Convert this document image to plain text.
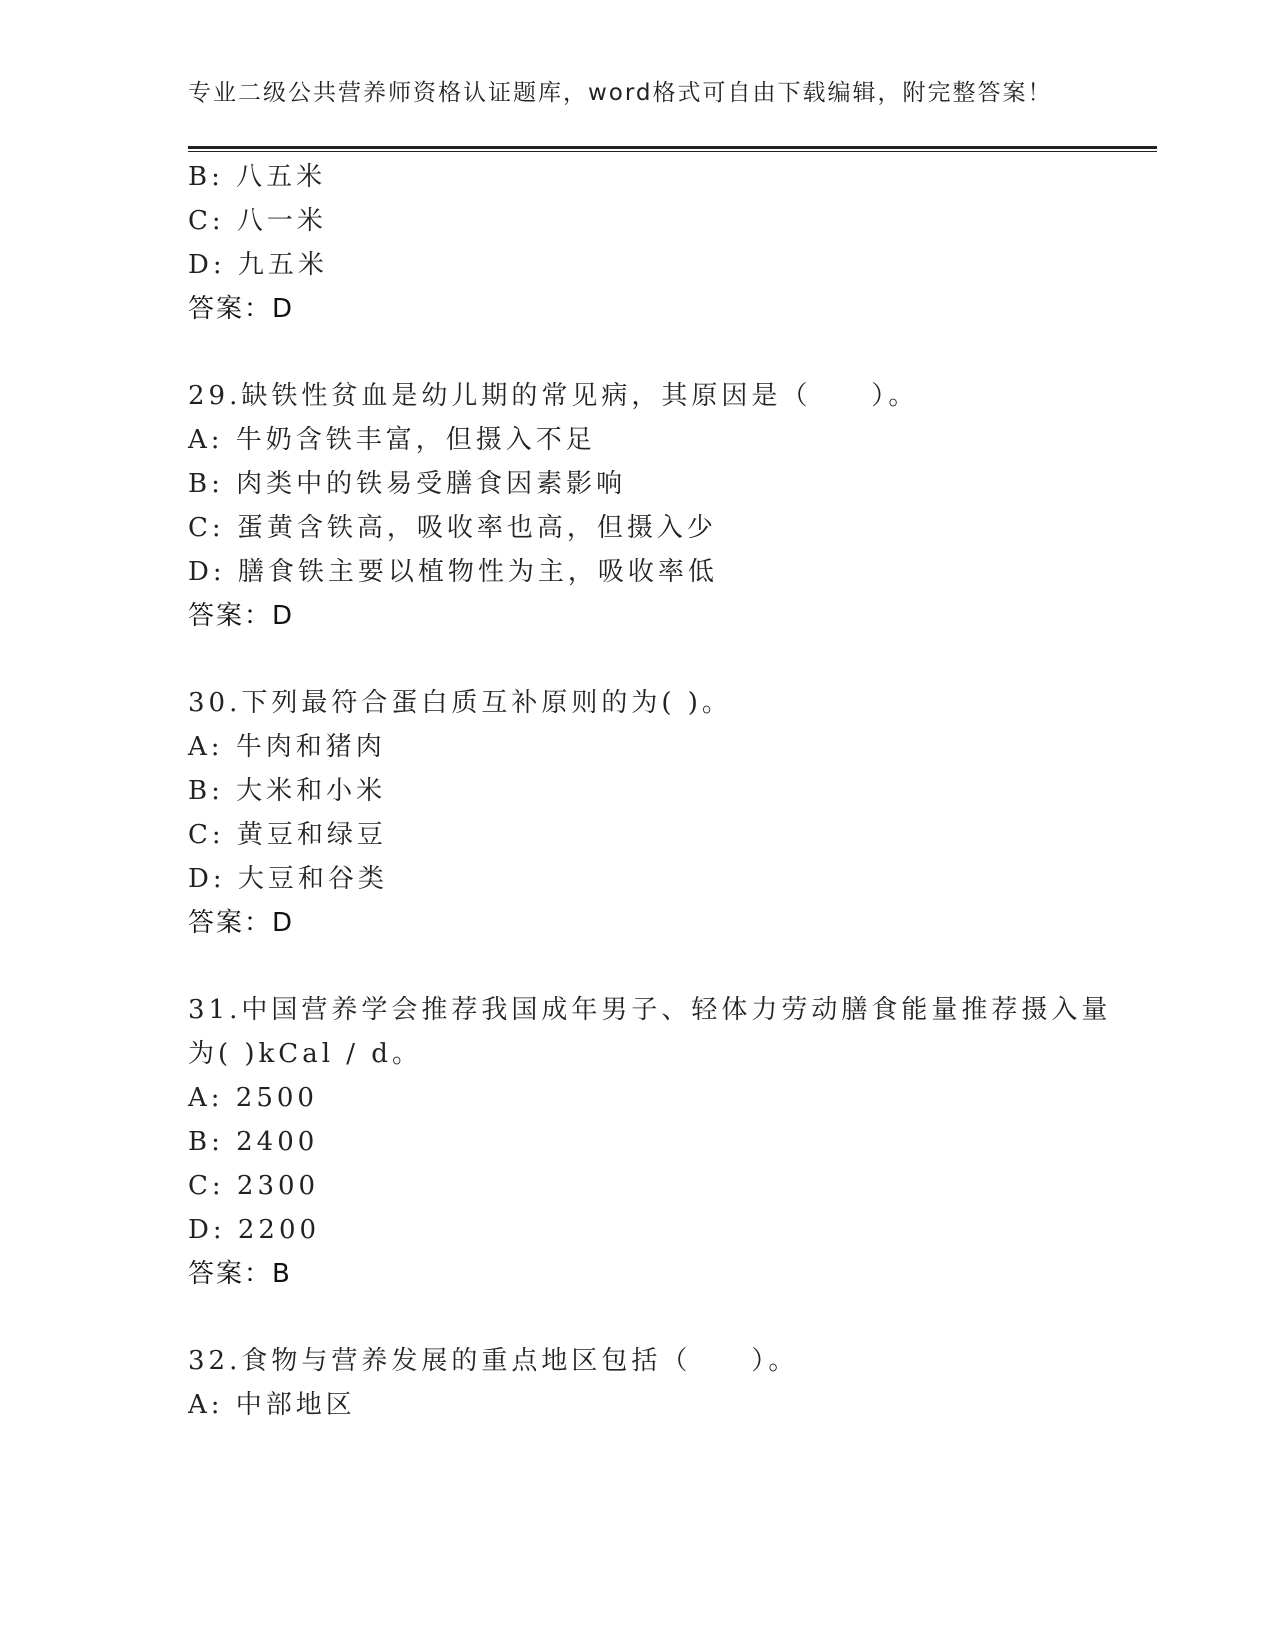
专业二级公共营养师资格认证题库，word格式可自由下载编辑，附完整答案！
B: 八五米
C: 八一米
D: 九五米
答案：D
29.缺铁性贫血是幼儿期的常见病，其原因是（　　）。
A: 牛奶含铁丰富，但摄入不足
B: 肉类中的铁易受膳食因素影响
C: 蛋黄含铁高，吸收率也高，但摄入少
D: 膳食铁主要以植物性为主，吸收率低
答案：D
30.下列最符合蛋白质互补原则的为( )。
A: 牛肉和猪肉
B: 大米和小米
C: 黄豆和绿豆
D: 大豆和谷类
答案：D
31.中国营养学会推荐我国成年男子、轻体力劳动膳食能量推荐摄入量
为( )kCal / d。
A: 2500
B: 2400
C: 2300
D: 2200
答案：B
32.食物与营养发展的重点地区包括（　　）。
A: 中部地区
